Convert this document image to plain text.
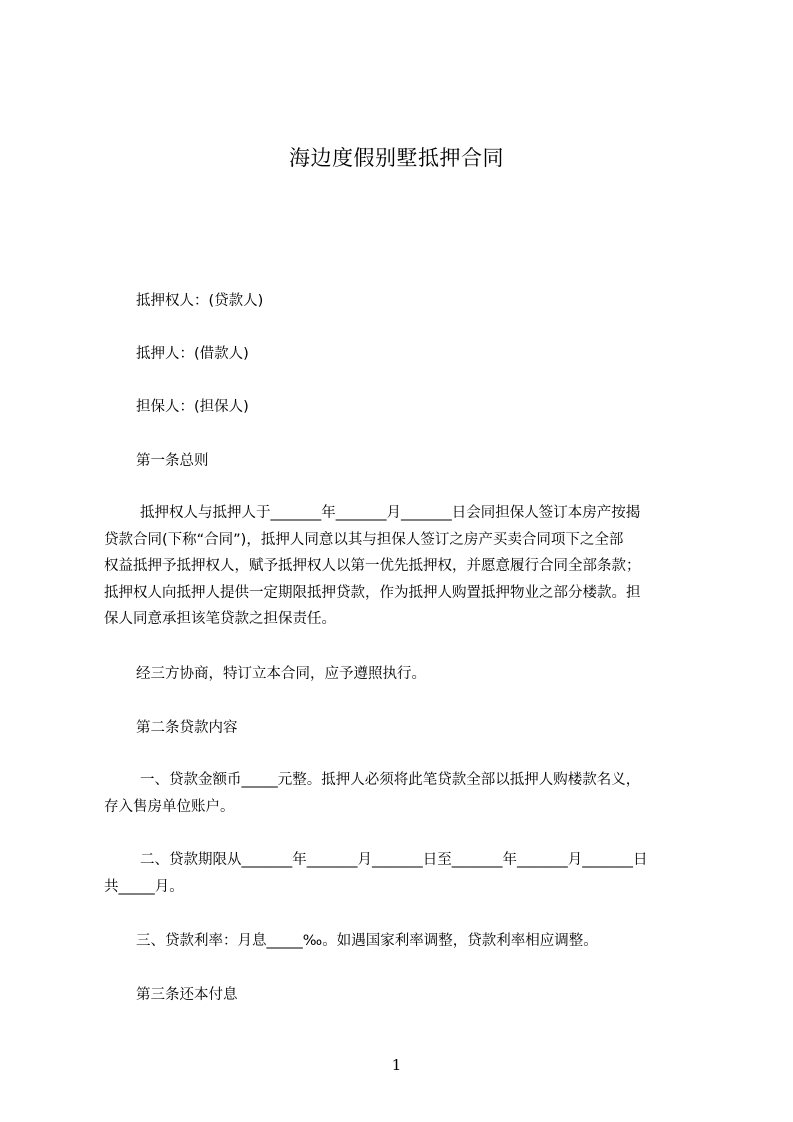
海边度假别墅抵押合同
抵押权人：(贷款人)
抵押人：(借款人)
担保人：(担保人)
第一条总则
抵押权人与抵押人于_______年_______月_______日会同担保人签订本房产按揭
贷款合同(下称“合同”)，抵押人同意以其与担保人签订之房产买卖合同项下之全部
权益抵押予抵押权人，赋予抵押权人以第一优先抵押权，并愿意履行合同全部条款；
抵押权人向抵押人提供一定期限抵押贷款，作为抵押人购置抵押物业之部分楼款。担
保人同意承担该笔贷款之担保责任。
经三方协商，特订立本合同，应予遵照执行。
第二条贷款内容
一、贷款金额币_____元整。抵押人必须将此笔贷款全部以抵押人购楼款名义，
存入售房单位账户。
二、贷款期限从_______年_______月_______日至_______年_______月_______日
共_____月。
三、贷款利率：月息_____‰。如遇国家利率调整，贷款利率相应调整。
第三条还本付息
1
